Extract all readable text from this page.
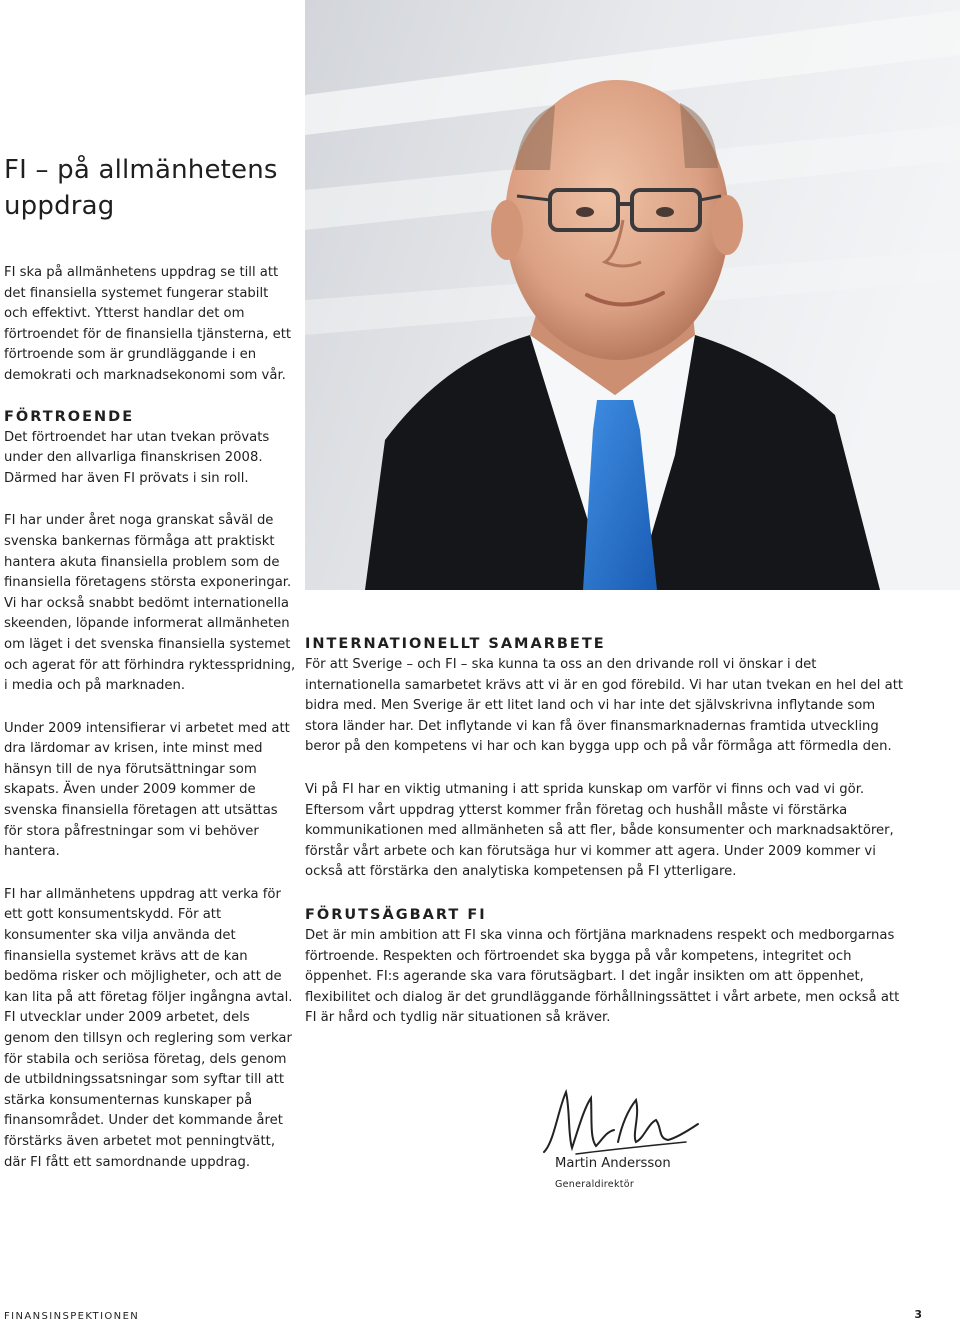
FI – på allmänhetens uppdrag

FI ska på allmänhetens uppdrag se till att det finansiella systemet fungerar stabilt och effektivt. Ytterst handlar det om förtroendet för de finansiella tjänsterna, ett förtroende som är grundläggande i en demokrati och marknadsekonomi som vår.

FÖRTROENDE

Det förtroendet har utan tvekan prövats under den allvarliga finanskrisen 2008. Därmed har även FI prövats i sin roll.

FI har under året noga granskat såväl de svenska bankernas förmåga att praktiskt hantera akuta finansiella problem som de finansiella företagens största exponeringar. Vi har också snabbt bedömt internationella skeenden, löpande informerat allmänheten om läget i det svenska finansiella systemet och agerat för att förhindra ryktesspridning, i media och på marknaden.

Under 2009 intensifierar vi arbetet med att dra lärdomar av krisen, inte minst med hänsyn till de nya förutsättningar som skapats. Även under 2009 kommer de svenska finansiella företagen att utsättas för stora påfrestningar som vi behöver hantera.

FI har allmänhetens uppdrag att verka för ett gott konsumentskydd. För att konsumenter ska vilja använda det finansiella systemet krävs att de kan bedöma risker och möjligheter, och att de kan lita på att företag följer ingångna avtal. FI utvecklar under 2009 arbetet, dels genom den tillsyn och reglering som verkar för stabila och seriösa företag, dels genom de utbildningssatsningar som syftar till att stärka konsumenternas kunskaper på finansområdet. Under det kommande året förstärks även arbetet mot penningtvätt, där FI fått ett samordnande uppdrag.

INTERNATIONELLT SAMARBETE

För att Sverige – och FI – ska kunna ta oss an den drivande roll vi önskar i det internationella samarbetet krävs att vi är en god förebild. Vi har utan tvekan en hel del att bidra med. Men Sverige är ett litet land och vi har inte det självskrivna inflytande som stora länder har. Det inflytande vi kan få över finansmarknadernas framtida utveckling beror på den kompetens vi har och kan bygga upp och på vår förmåga att förmedla den.

Vi på FI har en viktig utmaning i att sprida kunskap om varför vi finns och vad vi gör. Eftersom vårt uppdrag ytterst kommer från företag och hushåll måste vi förstärka kommunikationen med allmänheten så att fler, både konsumenter och marknadsaktörer, förstår vårt arbete och kan förutsäga hur vi kommer att agera. Under 2009 kommer vi också att förstärka den analytiska kompetensen på FI ytterligare.

FÖRUTSÄGBART FI

Det är min ambition att FI ska vinna och förtjäna marknadens respekt och medborgarnas förtroende. Respekten och förtroendet ska bygga på vår kompetens, integritet och öppenhet. FI:s agerande ska vara förutsägbart. I det ingår insikten om att öppenhet, flexibilitet och dialog är det grundläggande förhållningssättet i vårt arbete, men också att FI är hård och tydlig när situationen så kräver.

Martin Andersson
Generaldirektör
FINANSINSPEKTIONEN	3
